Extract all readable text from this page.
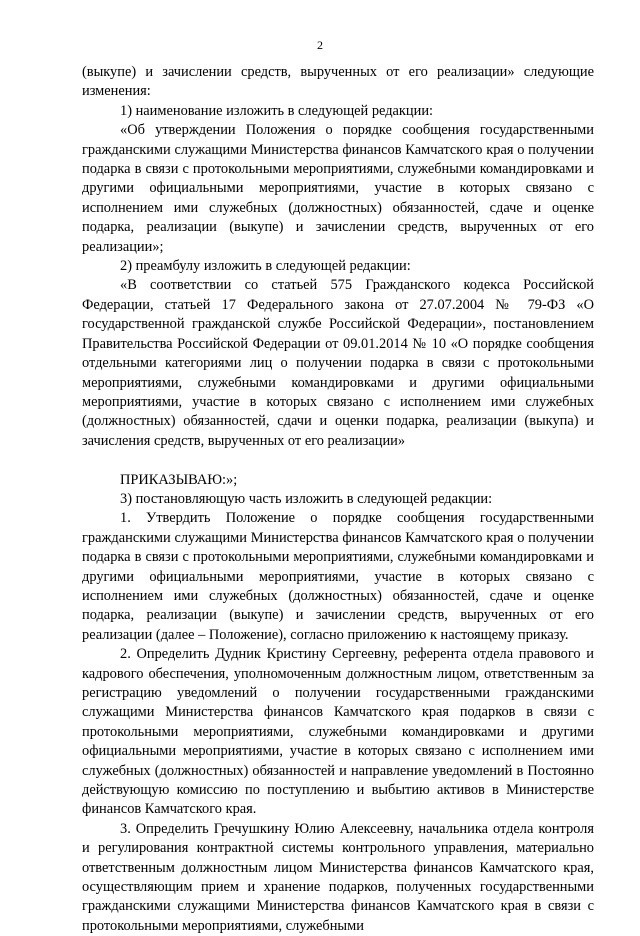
2

(выкупе) и зачислении средств, вырученных от его реализации» следующие изменения:

1) наименование изложить в следующей редакции:

«Об утверждении Положения о порядке сообщения государственными гражданскими служащими Министерства финансов Камчатского края о получении подарка в связи с протокольными мероприятиями, служебными командировками и другими официальными мероприятиями, участие в которых связано с исполнением ими служебных (должностных) обязанностей, сдаче и оценке подарка, реализации (выкупе) и зачислении средств, вырученных от его реализации»;

2) преамбулу изложить в следующей редакции:

«В соответствии со статьей 575 Гражданского кодекса Российской Федерации, статьей 17 Федерального закона от 27.07.2004 № 79-ФЗ «О государственной гражданской службе Российской Федерации», постановлением Правительства Российской Федерации от 09.01.2014 № 10 «О порядке сообщения отдельными категориями лиц о получении подарка в связи с протокольными мероприятиями, служебными командировками и другими официальными мероприятиями, участие в которых связано с исполнением ими служебных (должностных) обязанностей, сдачи и оценки подарка, реализации (выкупа) и зачисления средств, вырученных от его реализации»

ПРИКАЗЫВАЮ:»;

3) постановляющую часть изложить в следующей редакции:

1. Утвердить Положение о порядке сообщения государственными гражданскими служащими Министерства финансов Камчатского края о получении подарка в связи с протокольными мероприятиями, служебными командировками и другими официальными мероприятиями, участие в которых связано с исполнением ими служебных (должностных) обязанностей, сдаче и оценке подарка, реализации (выкупе) и зачислении средств, вырученных от его реализации (далее – Положение), согласно приложению к настоящему приказу.

2. Определить Дудник Кристину Сергеевну, референта отдела правового и кадрового обеспечения, уполномоченным должностным лицом, ответственным за регистрацию уведомлений о получении государственными гражданскими служащими Министерства финансов Камчатского края подарков в связи с протокольными мероприятиями, служебными командировками и другими официальными мероприятиями, участие в которых связано с исполнением ими служебных (должностных) обязанностей и направление уведомлений в Постоянно действующую комиссию по поступлению и выбытию активов в Министерстве финансов Камчатского края.

3. Определить Гречушкину Юлию Алексеевну, начальника отдела контроля и регулирования контрактной системы контрольного управления, материально ответственным должностным лицом Министерства финансов Камчатского края, осуществляющим прием и хранение подарков, полученных государственными гражданскими служащими Министерства финансов Камчатского края в связи с протокольными мероприятиями, служебными
